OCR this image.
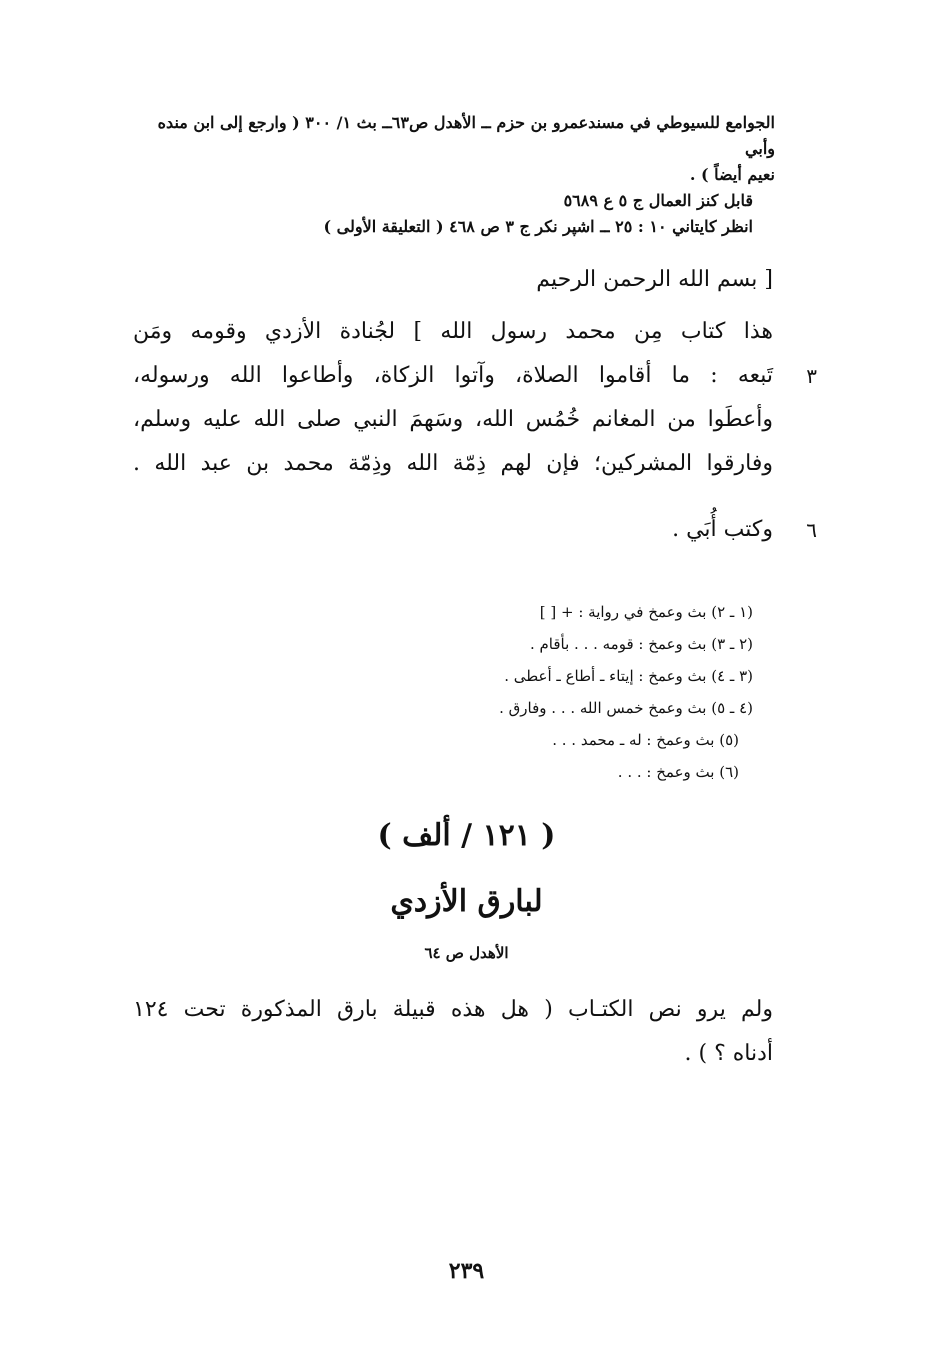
الجوامع للسيوطي في مسندعمرو بن حزم ــ الأهدل ص٦٣ــ بث ١/ ٣٠٠ ( وارجع إلى ابن منده وأبي

نعيم أيضاً ) .

قابل كنز العمال ج ٥ ع ٥٦٨٩

انظر كايتاني ١٠ : ٢٥ ــ اشپر نكر ج ٣ ص ٤٦٨ ( التعليقة الأولى )

[ بسم الله الرحمن الرحيم
هذا كتاب مِن محمد رسول الله ] لجُنادة الأزدي وقومه ومَن
٣
تَبعه : ما أقاموا الصلاة، وآتوا الزكاة، وأطاعوا الله ورسوله،
وأعطَوا من المغانم خُمُس الله، وسَهمَ النبي صلى الله عليه وسلم،
وفارقوا المشركين؛ فإن لهم ذِمّة الله وذِمّة محمد بن عبد الله .
٦
وكتب أُبَي .
(١ ـ ٢) بث وعمخ في رواية : + [ ]
(٢ ـ ٣) بث وعمخ : قومه . . . بأقام .
(٣ ـ ٤) بث وعمخ : إيتاء ـ أطاع ـ أعطى .
(٤ ـ ٥) بث وعمخ خمس الله . . . وفارق .
(٥) بث وعمخ : له ـ محمد . . .
(٦) بث وعمخ : . . .
( ١٢١ / ألف )
لبارق الأزدي
الأهدل ص ٦٤
ولم يرو نص الكتـاب ( هل هذه قبيلة بارق المذكورة تحت ١٢٤
أدناه ؟ ) .
٢٣٩
